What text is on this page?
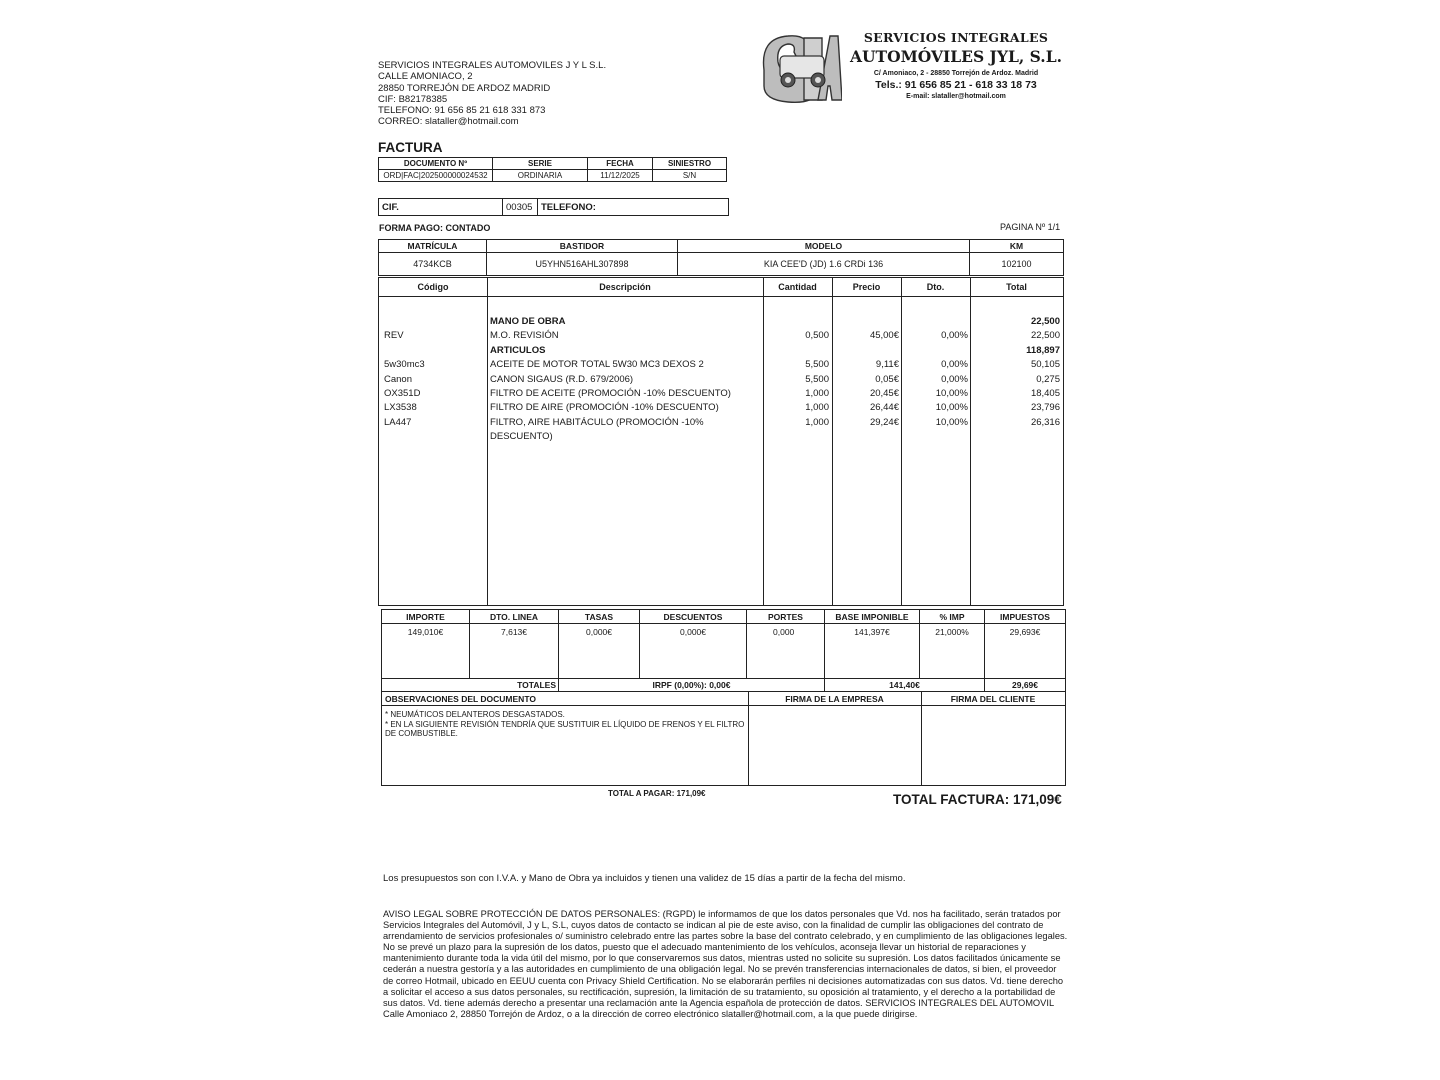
SERVICIOS INTEGRALES AUTOMOVILES J Y L S.L.
CALLE AMONIACO, 2
28850 TORREJÓN DE ARDOZ MADRID
CIF: B82178385
TELEFONO: 91 656 85 21 618 331 873
CORREO: slataller@hotmail.com
SERVICIOS INTEGRALES
AUTOMÓVILES JYL, S.L.
C/ Amoniaco, 2 - 28850 Torrejón de Ardoz. Madrid
Tels.: 91 656 85 21 - 618 33 18 73
E-mail: slataller@hotmail.com
FACTURA
DOCUMENTO Nº	SERIE	FECHA	SINIESTRO
ORD|FAC|202500000024532	ORDINARIA	11/12/2025	S/N
CIF.	00305	TELEFONO:
FORMA PAGO: CONTADO	PAGINA Nº 1/1
MATRÍCULA	BASTIDOR	MODELO	KM
4734KCB	U5YHN516AHL307898	KIA CEE'D (JD) 1.6 CRDi 136	102100
Código	Descripción	Cantidad	Precio	Dto.	Total
MANO DE OBRA	22,500
REV	M.O. REVISIÓN	0,500	45,00€	0,00%	22,500
ARTICULOS	118,897
5w30mc3	ACEITE DE MOTOR TOTAL 5W30 MC3 DEXOS 2	5,500	9,11€	0,00%	50,105
Canon	CANON SIGAUS (R.D. 679/2006)	5,500	0,05€	0,00%	0,275
OX351D	FILTRO DE ACEITE (PROMOCIÓN -10% DESCUENTO)	1,000	20,45€	10,00%	18,405
LX3538	FILTRO DE AIRE (PROMOCIÓN -10% DESCUENTO)	1,000	26,44€	10,00%	23,796
LA447	FILTRO, AIRE HABITÁCULO (PROMOCIÓN -10%	1,000	29,24€	10,00%	26,316
DESCUENTO)
IMPORTE	DTO. LINEA	TASAS	DESCUENTOS	PORTES	BASE IMPONIBLE	% IMP	IMPUESTOS
149,010€	7,613€	0,000€	0,000€	0,000	141,397€	21,000%	29,693€
TOTALES		IRPF (0,00%): 0,00€			141,40€		29,69€
OBSERVACIONES DEL DOCUMENTO	FIRMA DE LA EMPRESA	FIRMA DEL CLIENTE
* NEUMÁTICOS DELANTEROS DESGASTADOS.
* EN LA SIGUIENTE REVISIÓN TENDRÍA QUE SUSTITUIR EL LÍQUIDO DE FRENOS Y EL FILTRO DE COMBUSTIBLE.
TOTAL A PAGAR: 171,09€	TOTAL FACTURA: 171,09€
Los presupuestos son con I.V.A. y Mano de Obra ya incluidos y tienen una validez de 15 días a partir de la fecha del mismo.
AVISO LEGAL SOBRE PROTECCIÓN DE DATOS PERSONALES: (RGPD) le informamos de que los datos personales que Vd. nos ha facilitado, serán tratados por Servicios Integrales del Automóvil, J y L, S.L, cuyos datos de contacto se indican al pie de este aviso, con la finalidad de cumplir las obligaciones del contrato de arrendamiento de servicios profesionales o/ suministro celebrado entre las partes sobre la base del contrato celebrado, y en cumplimiento de las obligaciones legales. No se prevé un plazo para la supresión de los datos, puesto que el adecuado mantenimiento de los vehículos, aconseja llevar un historial de reparaciones y mantenimiento durante toda la vida útil del mismo, por lo que conservaremos sus datos, mientras usted no solicite su supresión. Los datos facilitados únicamente se cederán a nuestra gestoría y a las autoridades en cumplimiento de una obligación legal. No se prevén transferencias internacionales de datos, si bien, el proveedor de correo Hotmail, ubicado en EEUU cuenta con Privacy Shield Certification. No se elaborarán perfiles ni decisiones automatizadas con sus datos. Vd. tiene derecho a solicitar el acceso a sus datos personales, su rectificación, supresión, la limitación de su tratamiento, su oposición al tratamiento, y el derecho a la portabilidad de sus datos. Vd. tiene además derecho a presentar una reclamación ante la Agencia española de protección de datos. SERVICIOS INTEGRALES DEL AUTOMOVIL Calle Amoniaco 2, 28850 Torrejón de Ardoz, o a la dirección de correo electrónico slataller@hotmail.com, a la que puede dirigirse.
